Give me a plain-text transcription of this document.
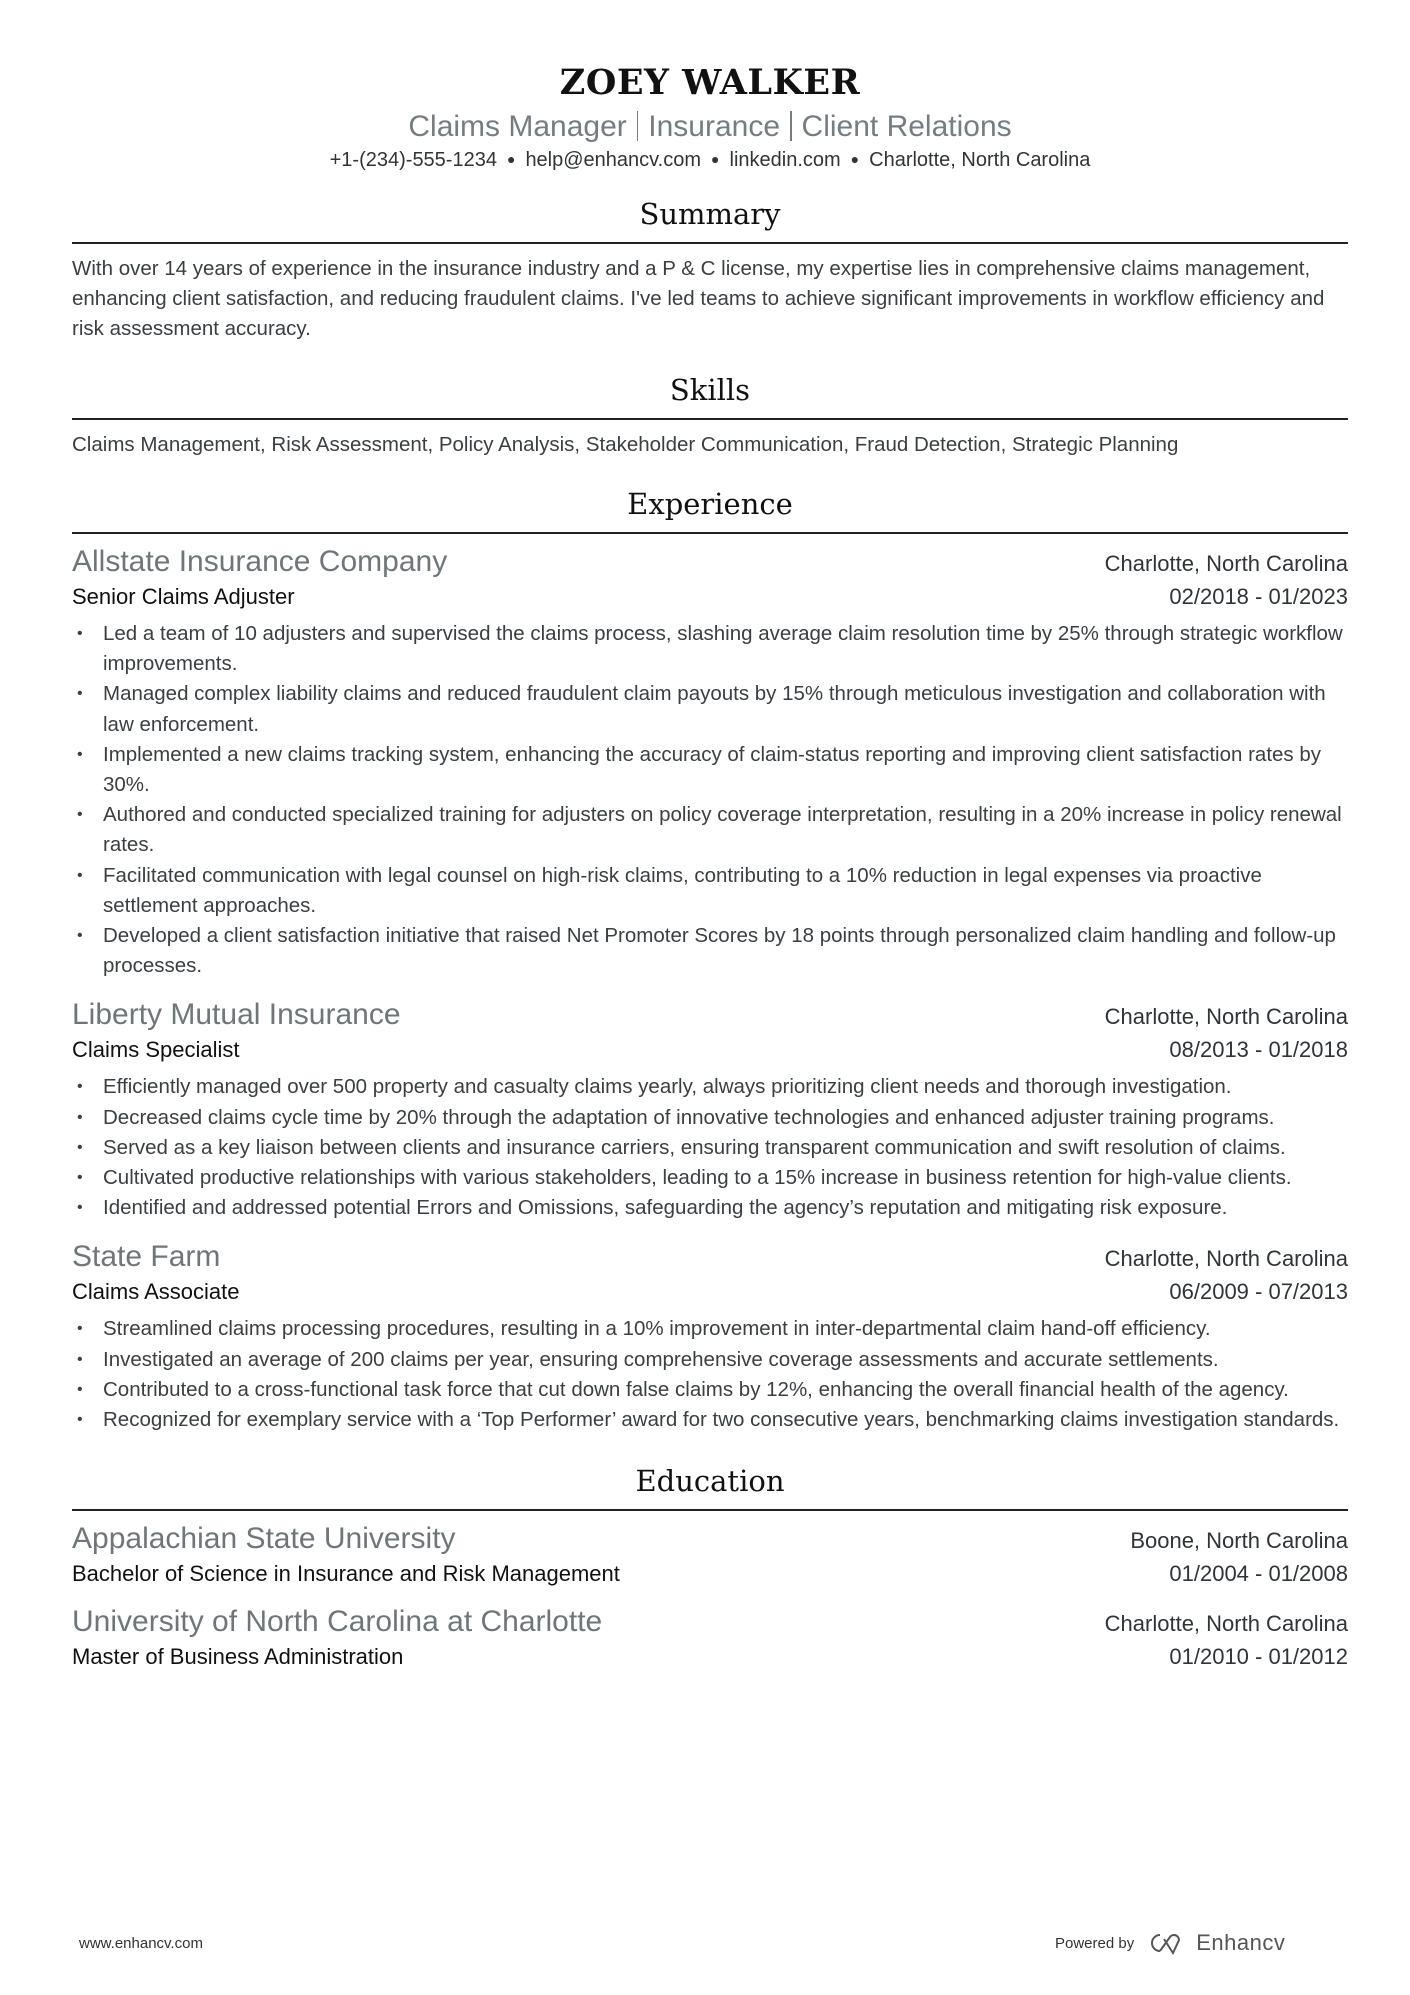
ZOEY WALKER
Claims Manager Insurance Client Relations
+1-(234)-555-1234 ● help@enhancv.com ● linkedin.com ● Charlotte, North Carolina
Summary
With over 14 years of experience in the insurance industry and a P & C license, my expertise lies in comprehensive claims management, enhancing client satisfaction, and reducing fraudulent claims. I've led teams to achieve significant improvements in workflow efficiency and risk assessment accuracy.
Skills
Claims Management, Risk Assessment, Policy Analysis, Stakeholder Communication, Fraud Detection, Strategic Planning
Experience
Allstate Insurance Company	Charlotte, North Carolina
Senior Claims Adjuster	02/2018 - 01/2023
• Led a team of 10 adjusters and supervised the claims process, slashing average claim resolution time by 25% through strategic workflow improvements.
• Managed complex liability claims and reduced fraudulent claim payouts by 15% through meticulous investigation and collaboration with law enforcement.
• Implemented a new claims tracking system, enhancing the accuracy of claim-status reporting and improving client satisfaction rates by 30%.
• Authored and conducted specialized training for adjusters on policy coverage interpretation, resulting in a 20% increase in policy renewal rates.
• Facilitated communication with legal counsel on high-risk claims, contributing to a 10% reduction in legal expenses via proactive settlement approaches.
• Developed a client satisfaction initiative that raised Net Promoter Scores by 18 points through personalized claim handling and follow-up processes.
Liberty Mutual Insurance	Charlotte, North Carolina
Claims Specialist	08/2013 - 01/2018
• Efficiently managed over 500 property and casualty claims yearly, always prioritizing client needs and thorough investigation.
• Decreased claims cycle time by 20% through the adaptation of innovative technologies and enhanced adjuster training programs.
• Served as a key liaison between clients and insurance carriers, ensuring transparent communication and swift resolution of claims.
• Cultivated productive relationships with various stakeholders, leading to a 15% increase in business retention for high-value clients.
• Identified and addressed potential Errors and Omissions, safeguarding the agency’s reputation and mitigating risk exposure.
State Farm	Charlotte, North Carolina
Claims Associate	06/2009 - 07/2013
• Streamlined claims processing procedures, resulting in a 10% improvement in inter-departmental claim hand-off efficiency.
• Investigated an average of 200 claims per year, ensuring comprehensive coverage assessments and accurate settlements.
• Contributed to a cross-functional task force that cut down false claims by 12%, enhancing the overall financial health of the agency.
• Recognized for exemplary service with a ‘Top Performer’ award for two consecutive years, benchmarking claims investigation standards.
Education
Appalachian State University	Boone, North Carolina
Bachelor of Science in Insurance and Risk Management	01/2004 - 01/2008
University of North Carolina at Charlotte	Charlotte, North Carolina
Master of Business Administration	01/2010 - 01/2012
www.enhancv.com	Powered by	Enhancv
